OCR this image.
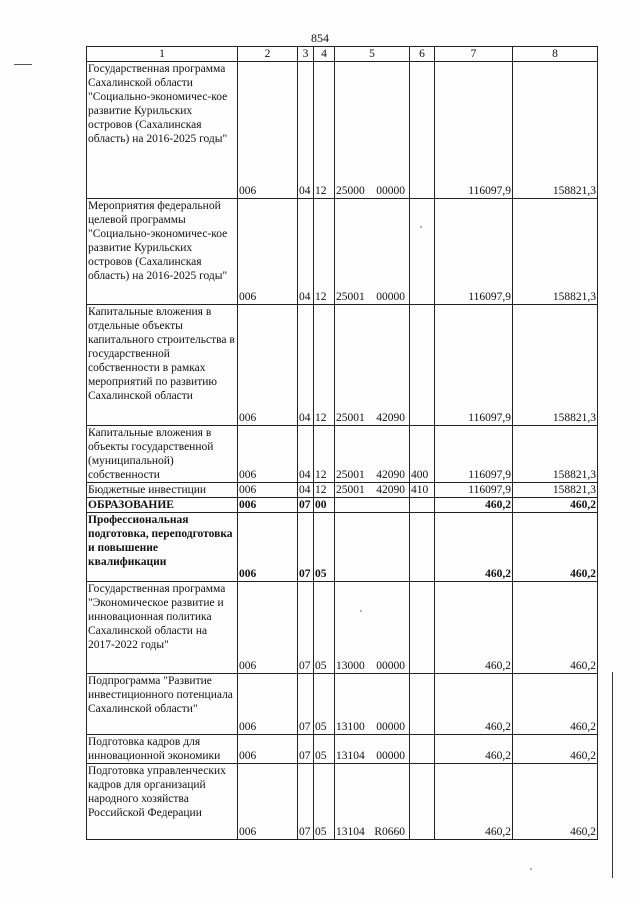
854
1	2	3	4	5	6	7	8

Государственная программа Сахалинской области "Социально-экономичес-кое развитие Курильских островов (Сахалинская область) на 2016-2025 годы"	006	04	12	25000 00000		116097,9	158821,3

Мероприятия федеральной целевой программы "Социально-экономичес-кое развитие Курильских островов (Сахалинская область) на 2016-2025 годы"	006	04	12	25001 00000		116097,9	158821,3

Капитальные вложения в отдельные объекты капитального строительства в государственной собственности в рамках мероприятий по развитию Сахалинской области	006	04	12	25001 42090		116097,9	158821,3

Капитальные вложения в объекты государственной (муниципальной) собственности	006	04	12	25001 42090	400	116097,9	158821,3

Бюджетные инвестиции	006	04	12	25001 42090	410	116097,9	158821,3

ОБРАЗОВАНИЕ	006	07	00			460,2	460,2

Профессиональная подготовка, переподготовка и повышение квалификации	006	07	05			460,2	460,2

Государственная программа "Экономическое развитие и инновационная политика Сахалинской области на 2017-2022 годы"	006	07	05	13000 00000		460,2	460,2

Подпрограмма "Развитие инвестиционного потенциала Сахалинской области"	006	07	05	13100 00000		460,2	460,2

Подготовка кадров для инновационной экономики	006	07	05	13104 00000		460,2	460,2

Подготовка управленческих кадров для организаций народного хозяйства Российской Федерации	006	07	05	13104 R0660		460,2	460,2
